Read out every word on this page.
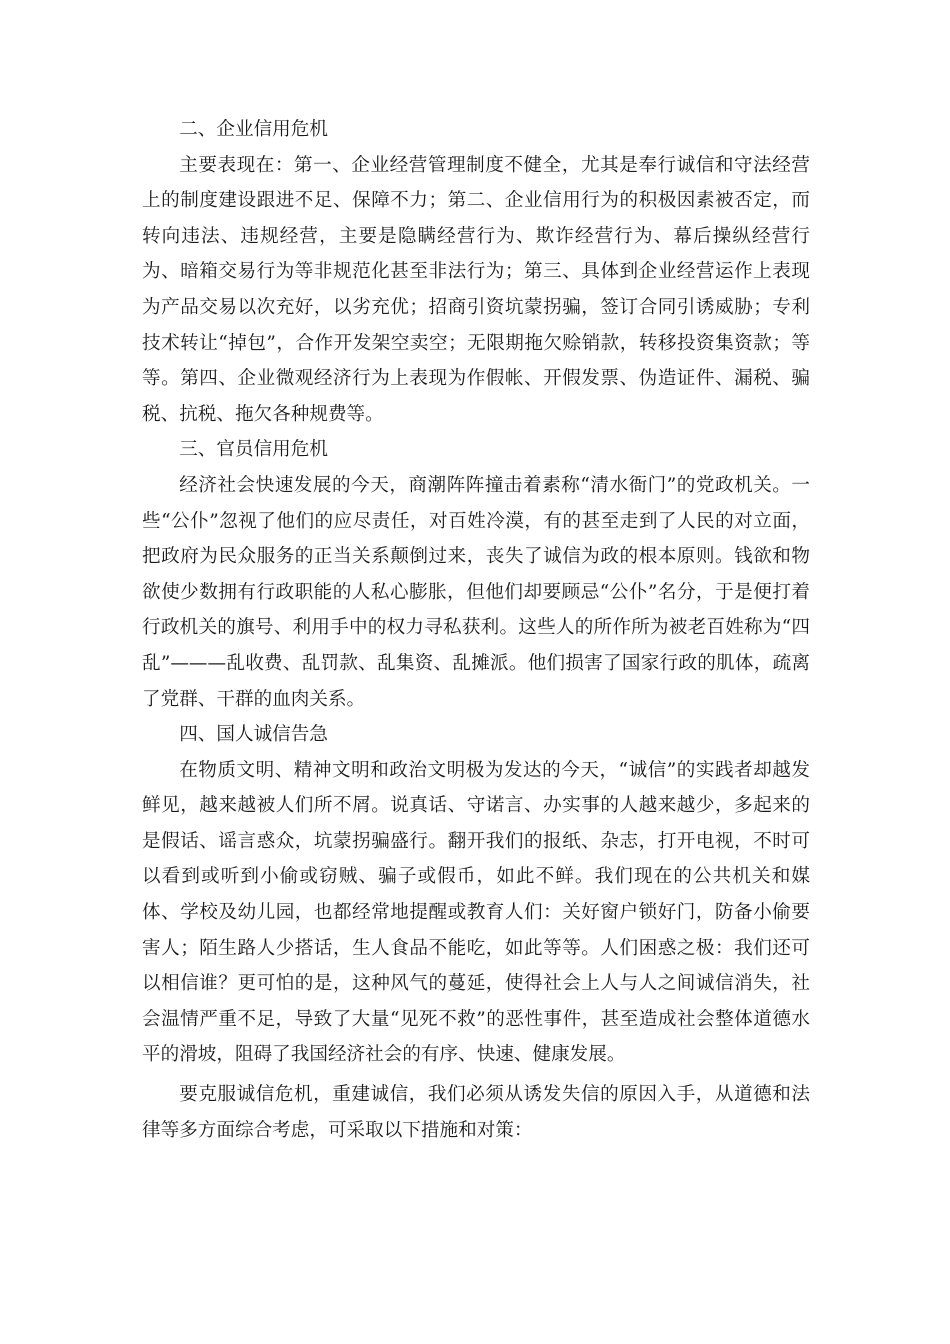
二、企业信用危机

主要表现在：第一、企业经营管理制度不健全，尤其是奉行诚信和守法经营上的制度建设跟进不足、保障不力；第二、企业信用行为的积极因素被否定，而转向违法、违规经营，主要是隐瞒经营行为、欺诈经营行为、幕后操纵经营行为、暗箱交易行为等非规范化甚至非法行为；第三、具体到企业经营运作上表现为产品交易以次充好，以劣充优；招商引资坑蒙拐骗，签订合同引诱威胁；专利技术转让“掉包”，合作开发架空卖空；无限期拖欠赊销款，转移投资集资款；等等。第四、企业微观经济行为上表现为作假帐、开假发票、伪造证件、漏税、骗税、抗税、拖欠各种规费等。

三、官员信用危机

经济社会快速发展的今天，商潮阵阵撞击着素称“清水衙门”的党政机关。一些“公仆”忽视了他们的应尽责任，对百姓冷漠，有的甚至走到了人民的对立面，把政府为民众服务的正当关系颠倒过来，丧失了诚信为政的根本原则。钱欲和物欲使少数拥有行政职能的人私心膨胀，但他们却要顾忌“公仆”名分，于是便打着行政机关的旗号、利用手中的权力寻私获利。这些人的所作所为被老百姓称为“四乱”———乱收费、乱罚款、乱集资、乱摊派。他们损害了国家行政的肌体，疏离了党群、干群的血肉关系。

四、国人诚信告急

在物质文明、精神文明和政治文明极为发达的今天，“诚信”的实践者却越发鲜见，越来越被人们所不屑。说真话、守诺言、办实事的人越来越少，多起来的是假话、谣言惑众，坑蒙拐骗盛行。翻开我们的报纸、杂志，打开电视，不时可以看到或听到小偷或窃贼、骗子或假币，如此不鲜。我们现在的公共机关和媒体、学校及幼儿园，也都经常地提醒或教育人们：关好窗户锁好门，防备小偷要害人；陌生路人少搭话，生人食品不能吃，如此等等。人们困惑之极：我们还可以相信谁？更可怕的是，这种风气的蔓延，使得社会上人与人之间诚信消失，社会温情严重不足，导致了大量“见死不救”的恶性事件，甚至造成社会整体道德水平的滑坡，阻碍了我国经济社会的有序、快速、健康发展。

要克服诚信危机，重建诚信，我们必须从诱发失信的原因入手，从道德和法律等多方面综合考虑，可采取以下措施和对策：
